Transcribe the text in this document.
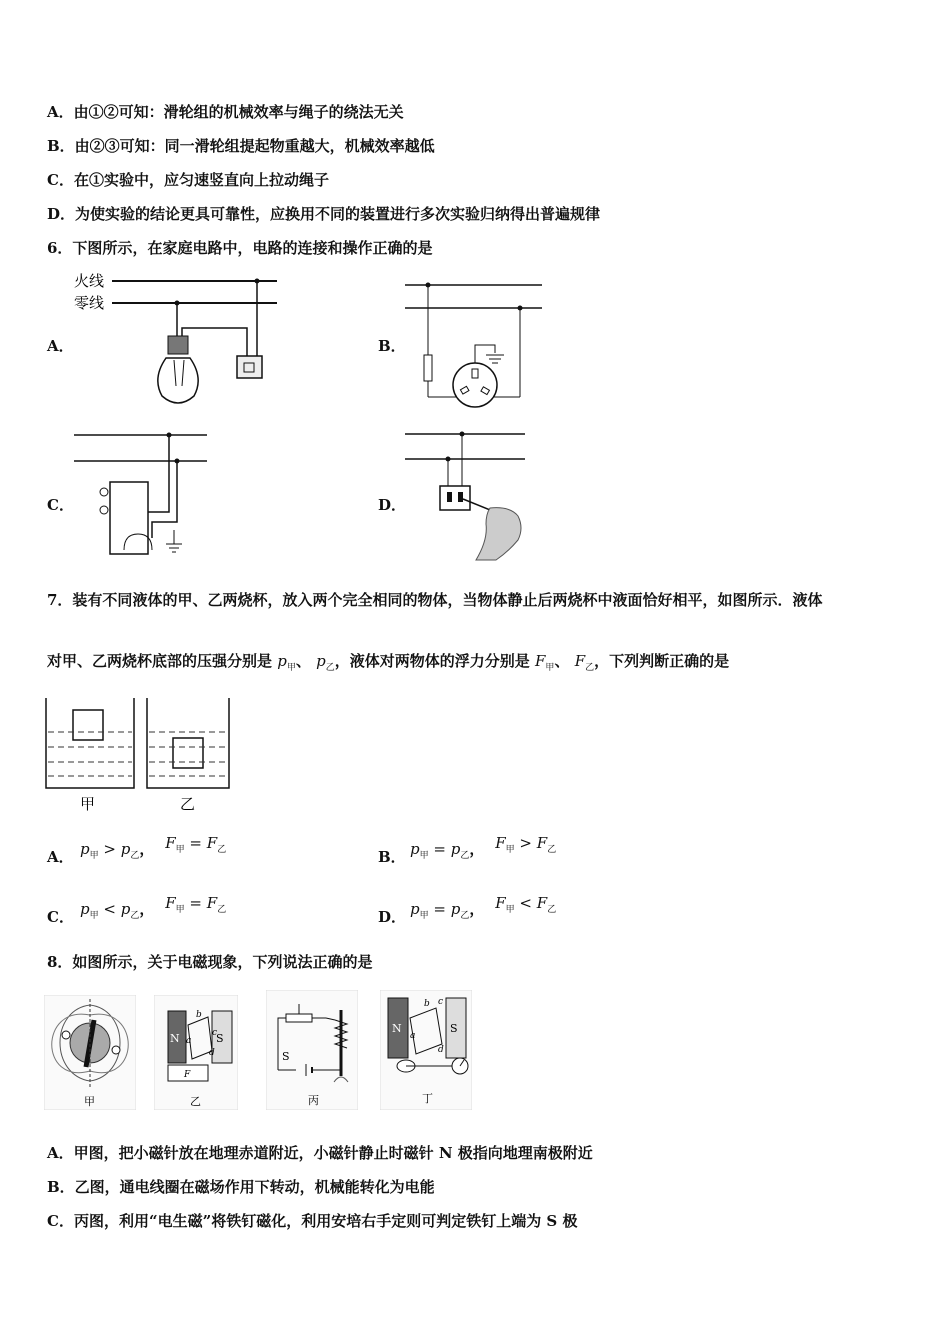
A．由①②可知：滑轮组的机械效率与绳子的绕法无关
B．由②③可知：同一滑轮组提起物重越大，机械效率越低
C．在①实验中，应匀速竖直向上拉动绳子
D．为使实验的结论更具可靠性，应换用不同的装置进行多次实验归纳得出普遍规律
6．下图所示，在家庭电路中，电路的连接和操作正确的是
A．
火线
零线
B．
C．	D．
7．装有不同液体的甲、乙两烧杯，放入两个完全相同的物体，当物体静止后两烧杯中液面恰好相平，如图所示．液体
对甲、乙两烧杯底部的压强分别是 $p_甲$、 $p_乙$，液体对两物体的浮力分别是 $F_甲$、 $F_乙$，下列判断正确的是
甲	乙
A． $p_甲 > p_乙$， $F_甲 = F_乙$	B． $p_甲 = p_乙$， $F_甲 > F_乙$
C． $p_甲 < p_乙$， $F_甲 = F_乙$	D． $p_甲 = p_乙$， $F_甲 < F_乙$
8．如图所示，关于电磁现象，下列说法正确的是
甲
N	S
b
c
d
a
F
乙
S
丙
N	S
b c
d
a
丁
A．甲图，把小磁针放在地理赤道附近，小磁针静止时磁针 N 极指向地理南极附近
B．乙图，通电线圈在磁场作用下转动，机械能转化为电能
C．丙图，利用“电生磁”将铁钉磁化，利用安培右手定则可判定铁钉上端为 S 极
